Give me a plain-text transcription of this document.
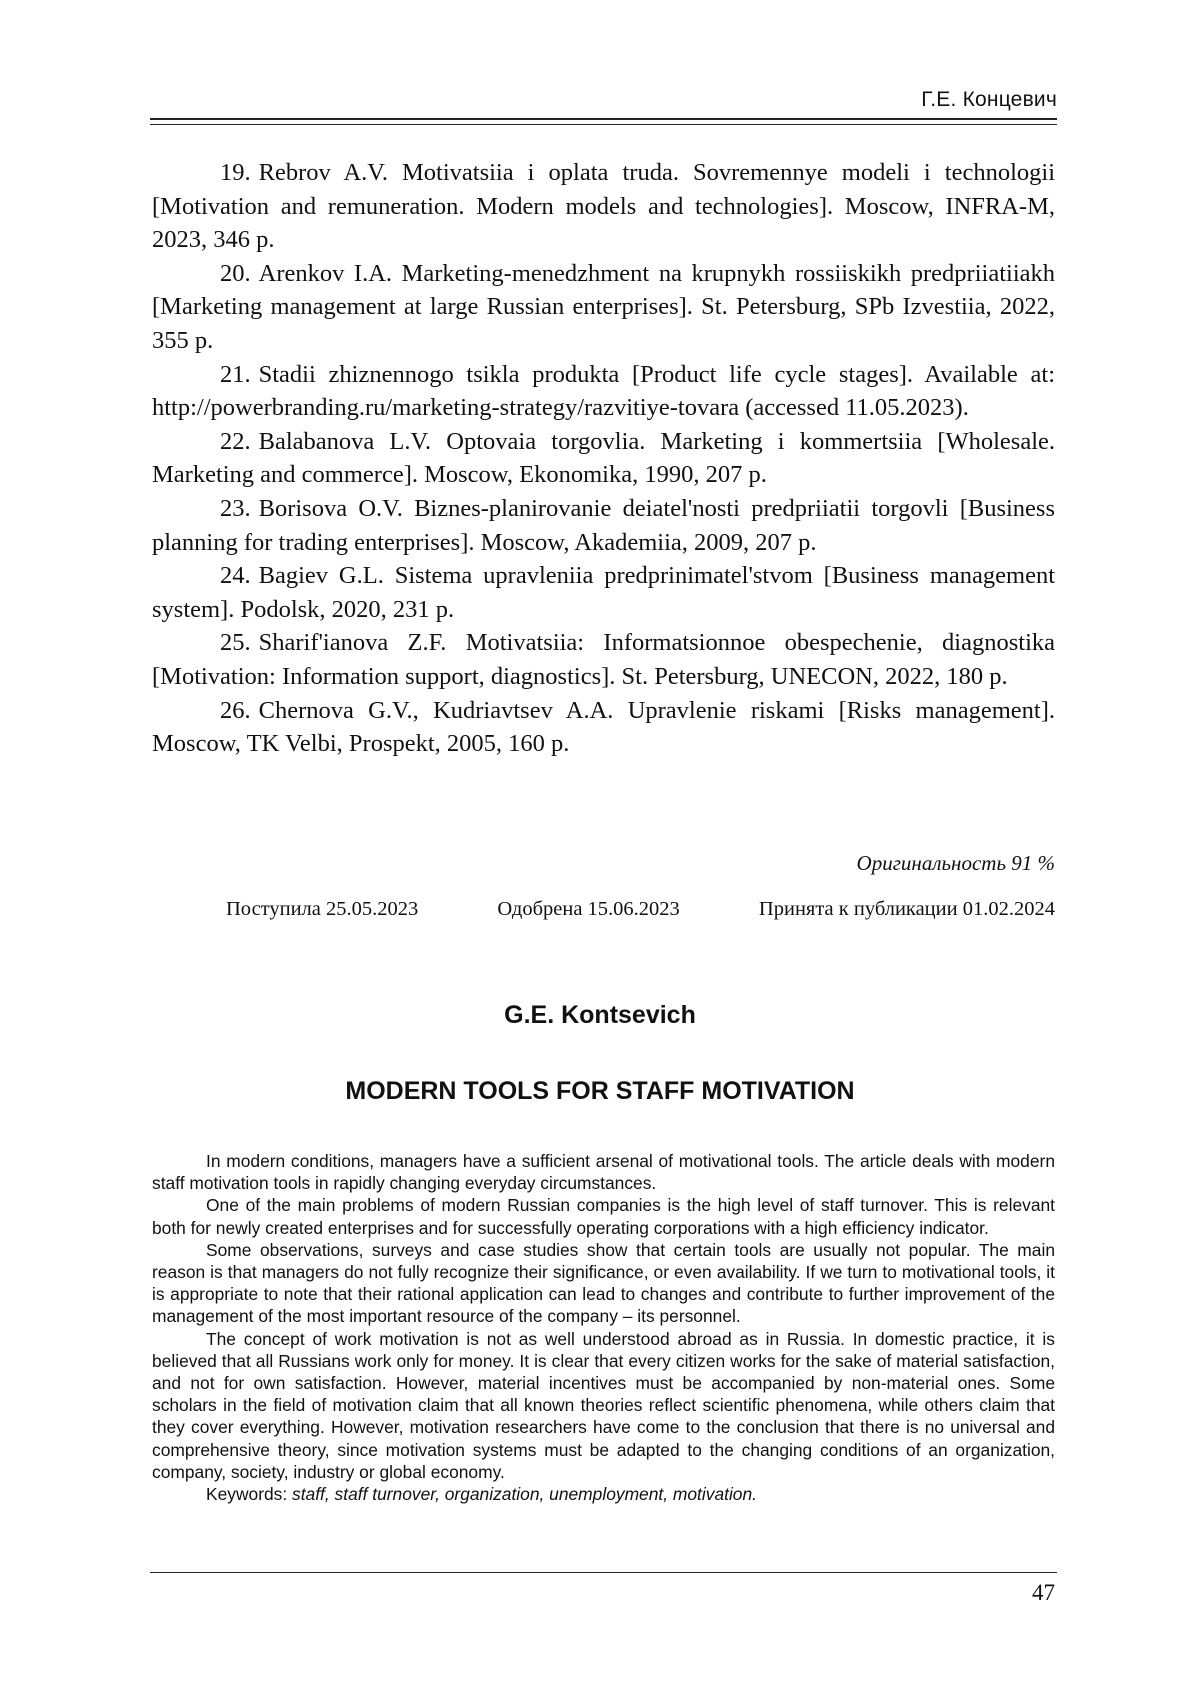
Г.Е. Концевич

19. Rebrov A.V. Motivatsiia i oplata truda. Sovremennye modeli i technologii [Motivation and remuneration. Modern models and technologies]. Moscow, INFRA-M, 2023, 346 p.

20. Arenkov I.A. Marketing-menedzhment na krupnykh rossiiskikh predpriiatiiakh [Marketing management at large Russian enterprises]. St. Petersburg, SPb Izvestiia, 2022, 355 p.

21. Stadii zhiznennogo tsikla produkta [Product life cycle stages]. Available at: http://powerbranding.ru/marketing-strategy/razvitiye-tovara (accessed 11.05.2023).

22. Balabanova L.V. Optovaia torgovlia. Marketing i kommertsiia [Wholesale. Marketing and commerce]. Moscow, Ekonomika, 1990, 207 p.

23. Borisova O.V. Biznes-planirovanie deiatel'nosti predpriiatii torgovli [Business planning for trading enterprises]. Moscow, Akademiia, 2009, 207 p.

24. Bagiev G.L. Sistema upravleniia predprinimatel'stvom [Business management system]. Podolsk, 2020, 231 p.

25. Sharif'ianova Z.F. Motivatsiia: Informatsionnoe obespechenie, diagnostika [Motivation: Information support, diagnostics]. St. Petersburg, UNECON, 2022, 180 p.

26. Chernova G.V., Kudriavtsev A.A. Upravlenie riskami [Risks management]. Moscow, TK Velbi, Prospekt, 2005, 160 p.

Оригинальность 91 %
Поступила 25.05.2023	Одобрена 15.06.2023	Принята к публикации 01.02.2024
G.E. Kontsevich
MODERN TOOLS FOR STAFF MOTIVATION

In modern conditions, managers have a sufficient arsenal of motivational tools. The article deals with modern staff motivation tools in rapidly changing everyday circumstances.

One of the main problems of modern Russian companies is the high level of staff turnover. This is relevant both for newly created enterprises and for successfully operating corporations with a high efficiency indicator.

Some observations, surveys and case studies show that certain tools are usually not popular. The main reason is that managers do not fully recognize their significance, or even availability. If we turn to motivational tools, it is appropriate to note that their rational application can lead to changes and contribute to further improvement of the management of the most important resource of the company – its personnel.

The concept of work motivation is not as well understood abroad as in Russia. In domestic practice, it is believed that all Russians work only for money. It is clear that every citizen works for the sake of material satisfaction, and not for own satisfaction. However, material incentives must be accompanied by non-material ones. Some scholars in the field of motivation claim that all known theories reflect scientific phenomena, while others claim that they cover everything. However, motivation researchers have come to the conclusion that there is no universal and comprehensive theory, since motivation systems must be adapted to the changing conditions of an organization, company, society, industry or global economy.

Keywords: staff, staff turnover, organization, unemployment, motivation.

47
